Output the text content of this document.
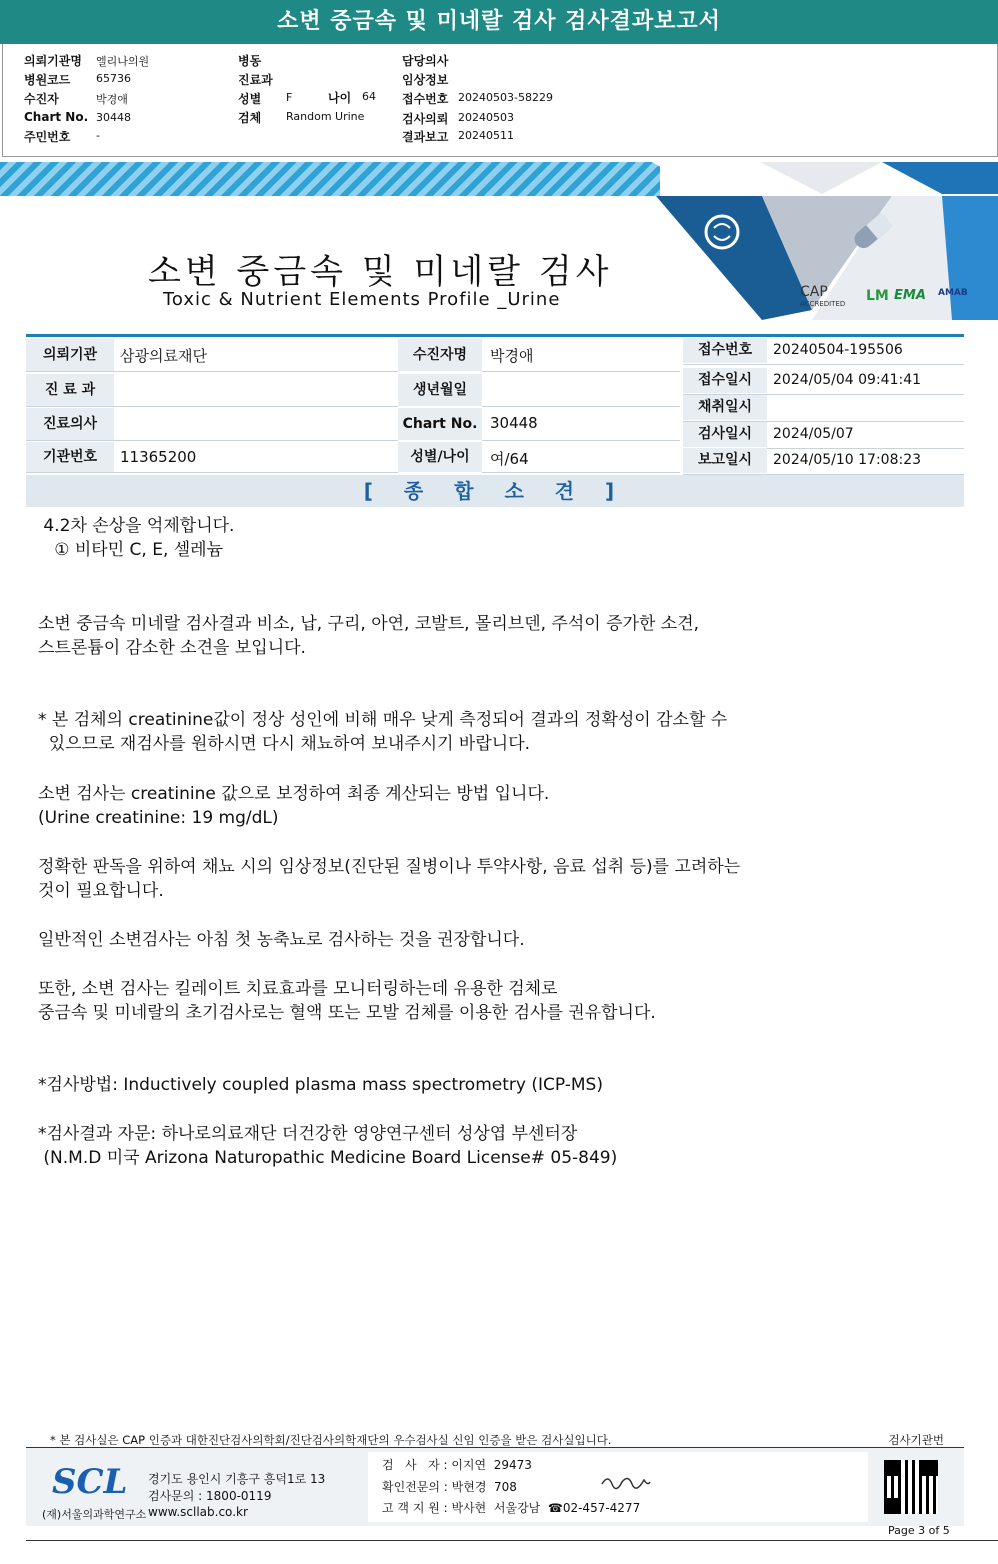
소변 중금속 및 미네랄 검사 검사결과보고서
의뢰기관명 엘리나의원
병원코드 65736
수진자	박경애
Chart No. 30448
주민번호 -
병동
진료과
성별 F
검체 Random Urine
담당의사
임상정보
접수번호 20240503-58229
검사의뢰 20240503
결과보고 20240511
나이 64
CAP
ACCREDITED LM EMA AMAB
소변 중금속 및 미네랄 검사
Toxic & Nutrient Elements Profile _Urine
의뢰기관	삼광의료재단
진 료 과
진료의사
기관번호	11365200
수진자명	박경애
생년월일
Chart No. 30448
성별/나이	여/64
접수번호	20240504-195506
접수일시	2024/05/04 09:41:41
채취일시
검사일시	2024/05/07
보고일시	2024/05/10 17:08:23
[ 종 합 소 견 ]
4.2차 손상을 억제합니다.
① 비타민 C, E, 셀레늄
소변 중금속 미네랄 검사결과 비소, 납, 구리, 아연, 코발트, 몰리브덴, 주석이 증가한 소견,
스트론튬이 감소한 소견을 보입니다.
* 본 검체의 creatinine값이 정상 성인에 비해 매우 낮게 측정되어 결과의 정확성이 감소할 수
있으므로 재검사를 원하시면 다시 채뇨하여 보내주시기 바랍니다.
소변 검사는 creatinine 값으로 보정하여 최종 계산되는 방법 입니다.
(Urine creatinine: 19 mg/dL)
정확한 판독을 위하여 채뇨 시의 임상정보(진단된 질병이나 투약사항, 음료 섭취 등)를 고려하는
것이 필요합니다.
일반적인 소변검사는 아침 첫 농축뇨로 검사하는 것을 권장합니다.
또한, 소변 검사는 킬레이트 치료효과를 모니터링하는데 유용한 검체로
중금속 및 미네랄의 초기검사로는 혈액 또는 모발 검체를 이용한 검사를 권유합니다.
*검사방법: Inductively coupled plasma mass spectrometry (ICP-MS)
*검사결과 자문: 하나로의료재단 더건강한 영양연구센터 성상엽 부센터장
(N.M.D 미국 Arizona Naturopathic Medicine Board License# 05-849)
* 본 검사실은 CAP 인증과 대한진단검사의학회/진단검사의학재단의 우수검사실 신임 인증을 받은 검사실입니다.	검사기관번
SCL
(재)서울의과학연구소
경기도 용인시 기흥구 흥덕1로 13
검사문의 : 1800-0119
www.scllab.co.kr
검   사   자 : 이지연  29473
확인전문의 : 박현경  708
고 객 지 원 : 박사현  서울강남  ☎02-457-4277
Page 3 of 5
